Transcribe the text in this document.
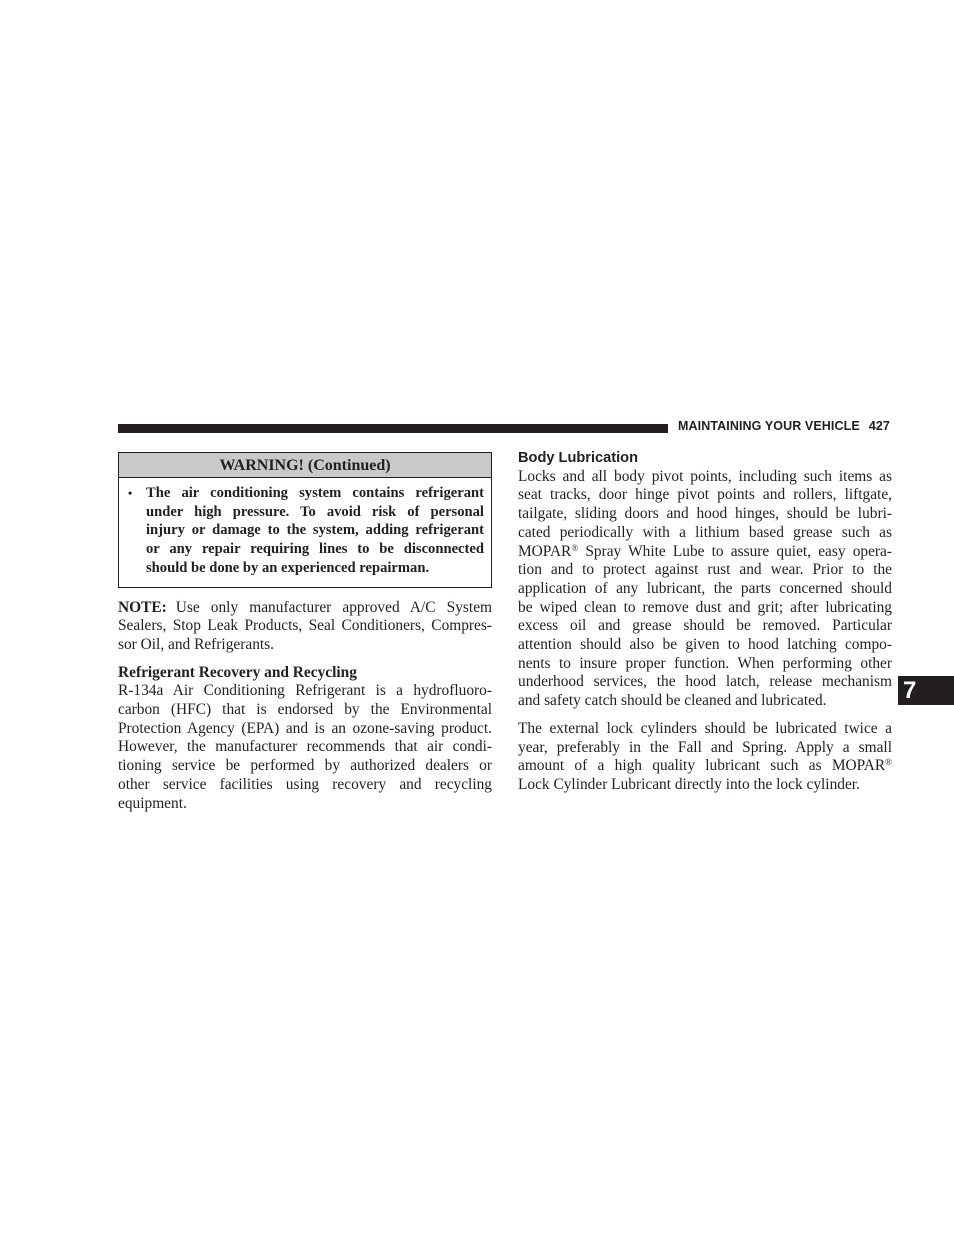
MAINTAINING YOUR VEHICLE 427
7
WARNING! (Continued)
• The air conditioning system contains refrigerant
under high pressure. To avoid risk of personal
injury or damage to the system, adding refrigerant
or any repair requiring lines to be disconnected
should be done by an experienced repairman.
NOTE: Use only manufacturer approved A/C System
Sealers, Stop Leak Products, Seal Conditioners, Compres-
sor Oil, and Refrigerants.
Refrigerant Recovery and Recycling
R-134a Air Conditioning Refrigerant is a hydrofluoro-
carbon (HFC) that is endorsed by the Environmental
Protection Agency (EPA) and is an ozone-saving product.
However, the manufacturer recommends that air condi-
tioning service be performed by authorized dealers or
other service facilities using recovery and recycling
equipment.
Body Lubrication
Locks and all body pivot points, including such items as
seat tracks, door hinge pivot points and rollers, liftgate,
tailgate, sliding doors and hood hinges, should be lubri-
cated periodically with a lithium based grease such as
MOPAR® Spray White Lube to assure quiet, easy opera-
tion and to protect against rust and wear. Prior to the
application of any lubricant, the parts concerned should
be wiped clean to remove dust and grit; after lubricating
excess oil and grease should be removed. Particular
attention should also be given to hood latching compo-
nents to insure proper function. When performing other
underhood services, the hood latch, release mechanism
and safety catch should be cleaned and lubricated.
The external lock cylinders should be lubricated twice a
year, preferably in the Fall and Spring. Apply a small
amount of a high quality lubricant such as MOPAR®
Lock Cylinder Lubricant directly into the lock cylinder.
